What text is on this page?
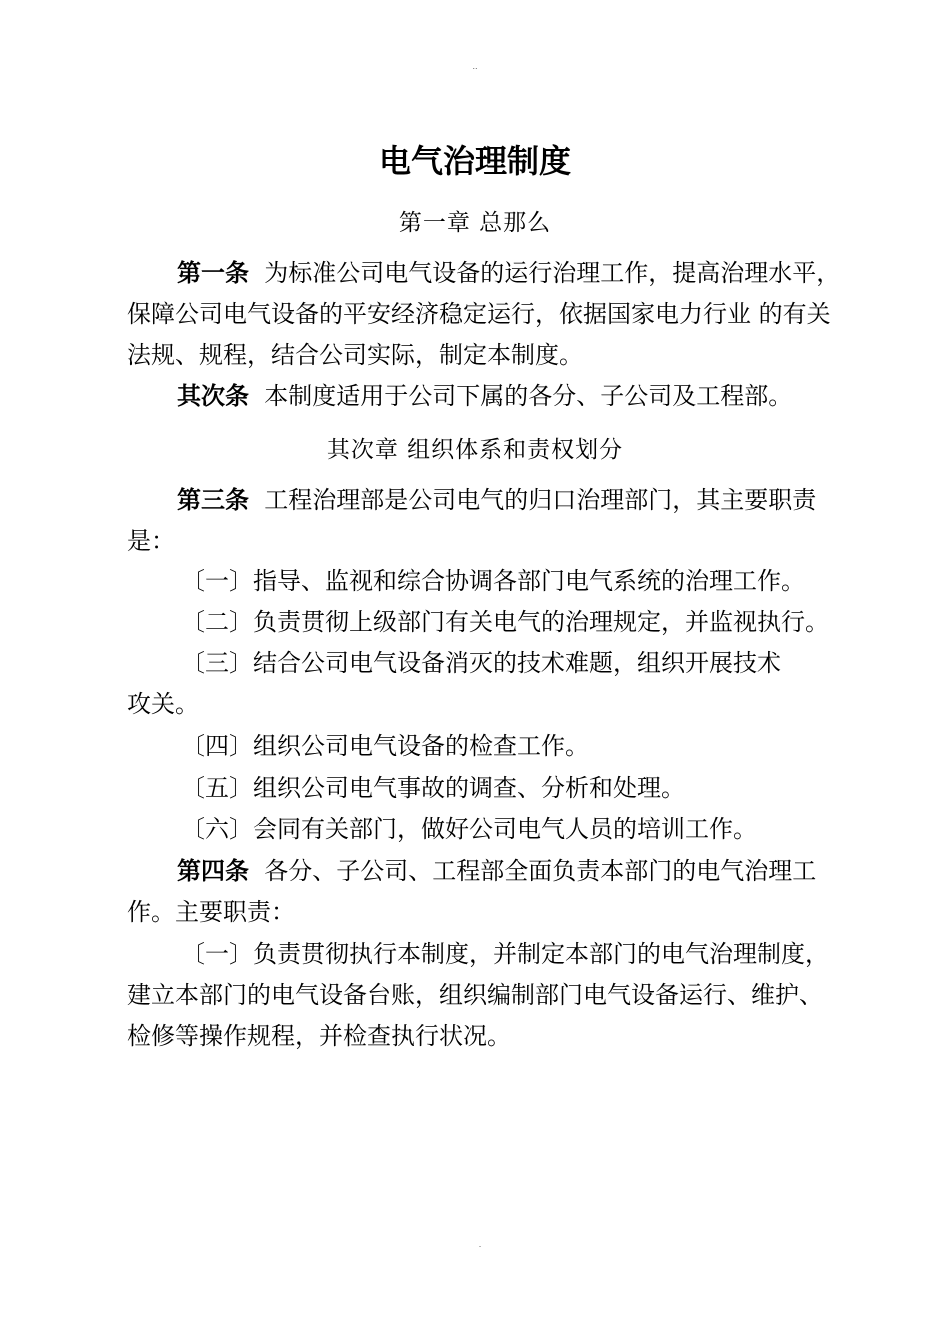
..
电气治理制度
第一章 总那么
第一条 为标准公司电气设备的运行治理工作，提高治理水平，保障公司电气设备的平安经济稳定运行，依据国家电力行业 的有关法规、规程，结合公司实际，制定本制度。
其次条 本制度适用于公司下属的各分、子公司及工程部。
其次章 组织体系和责权划分
第三条 工程治理部是公司电气的归口治理部门，其主要职责是：
〔一〕指导、监视和综合协调各部门电气系统的治理工作。
〔二〕负责贯彻上级部门有关电气的治理规定，并监视执行。
〔三〕结合公司电气设备消灭的技术难题，组织开展技术攻关。
〔四〕组织公司电气设备的检查工作。
〔五〕组织公司电气事故的调查、分析和处理。
〔六〕会同有关部门，做好公司电气人员的培训工作。
第四条 各分、子公司、工程部全面负责本部门的电气治理工作。主要职责：
〔一〕负责贯彻执行本制度，并制定本部门的电气治理制度， 建立本部门的电气设备台账，组织编制部门电气设备运行、维护、 检修等操作规程，并检查执行状况。
.
